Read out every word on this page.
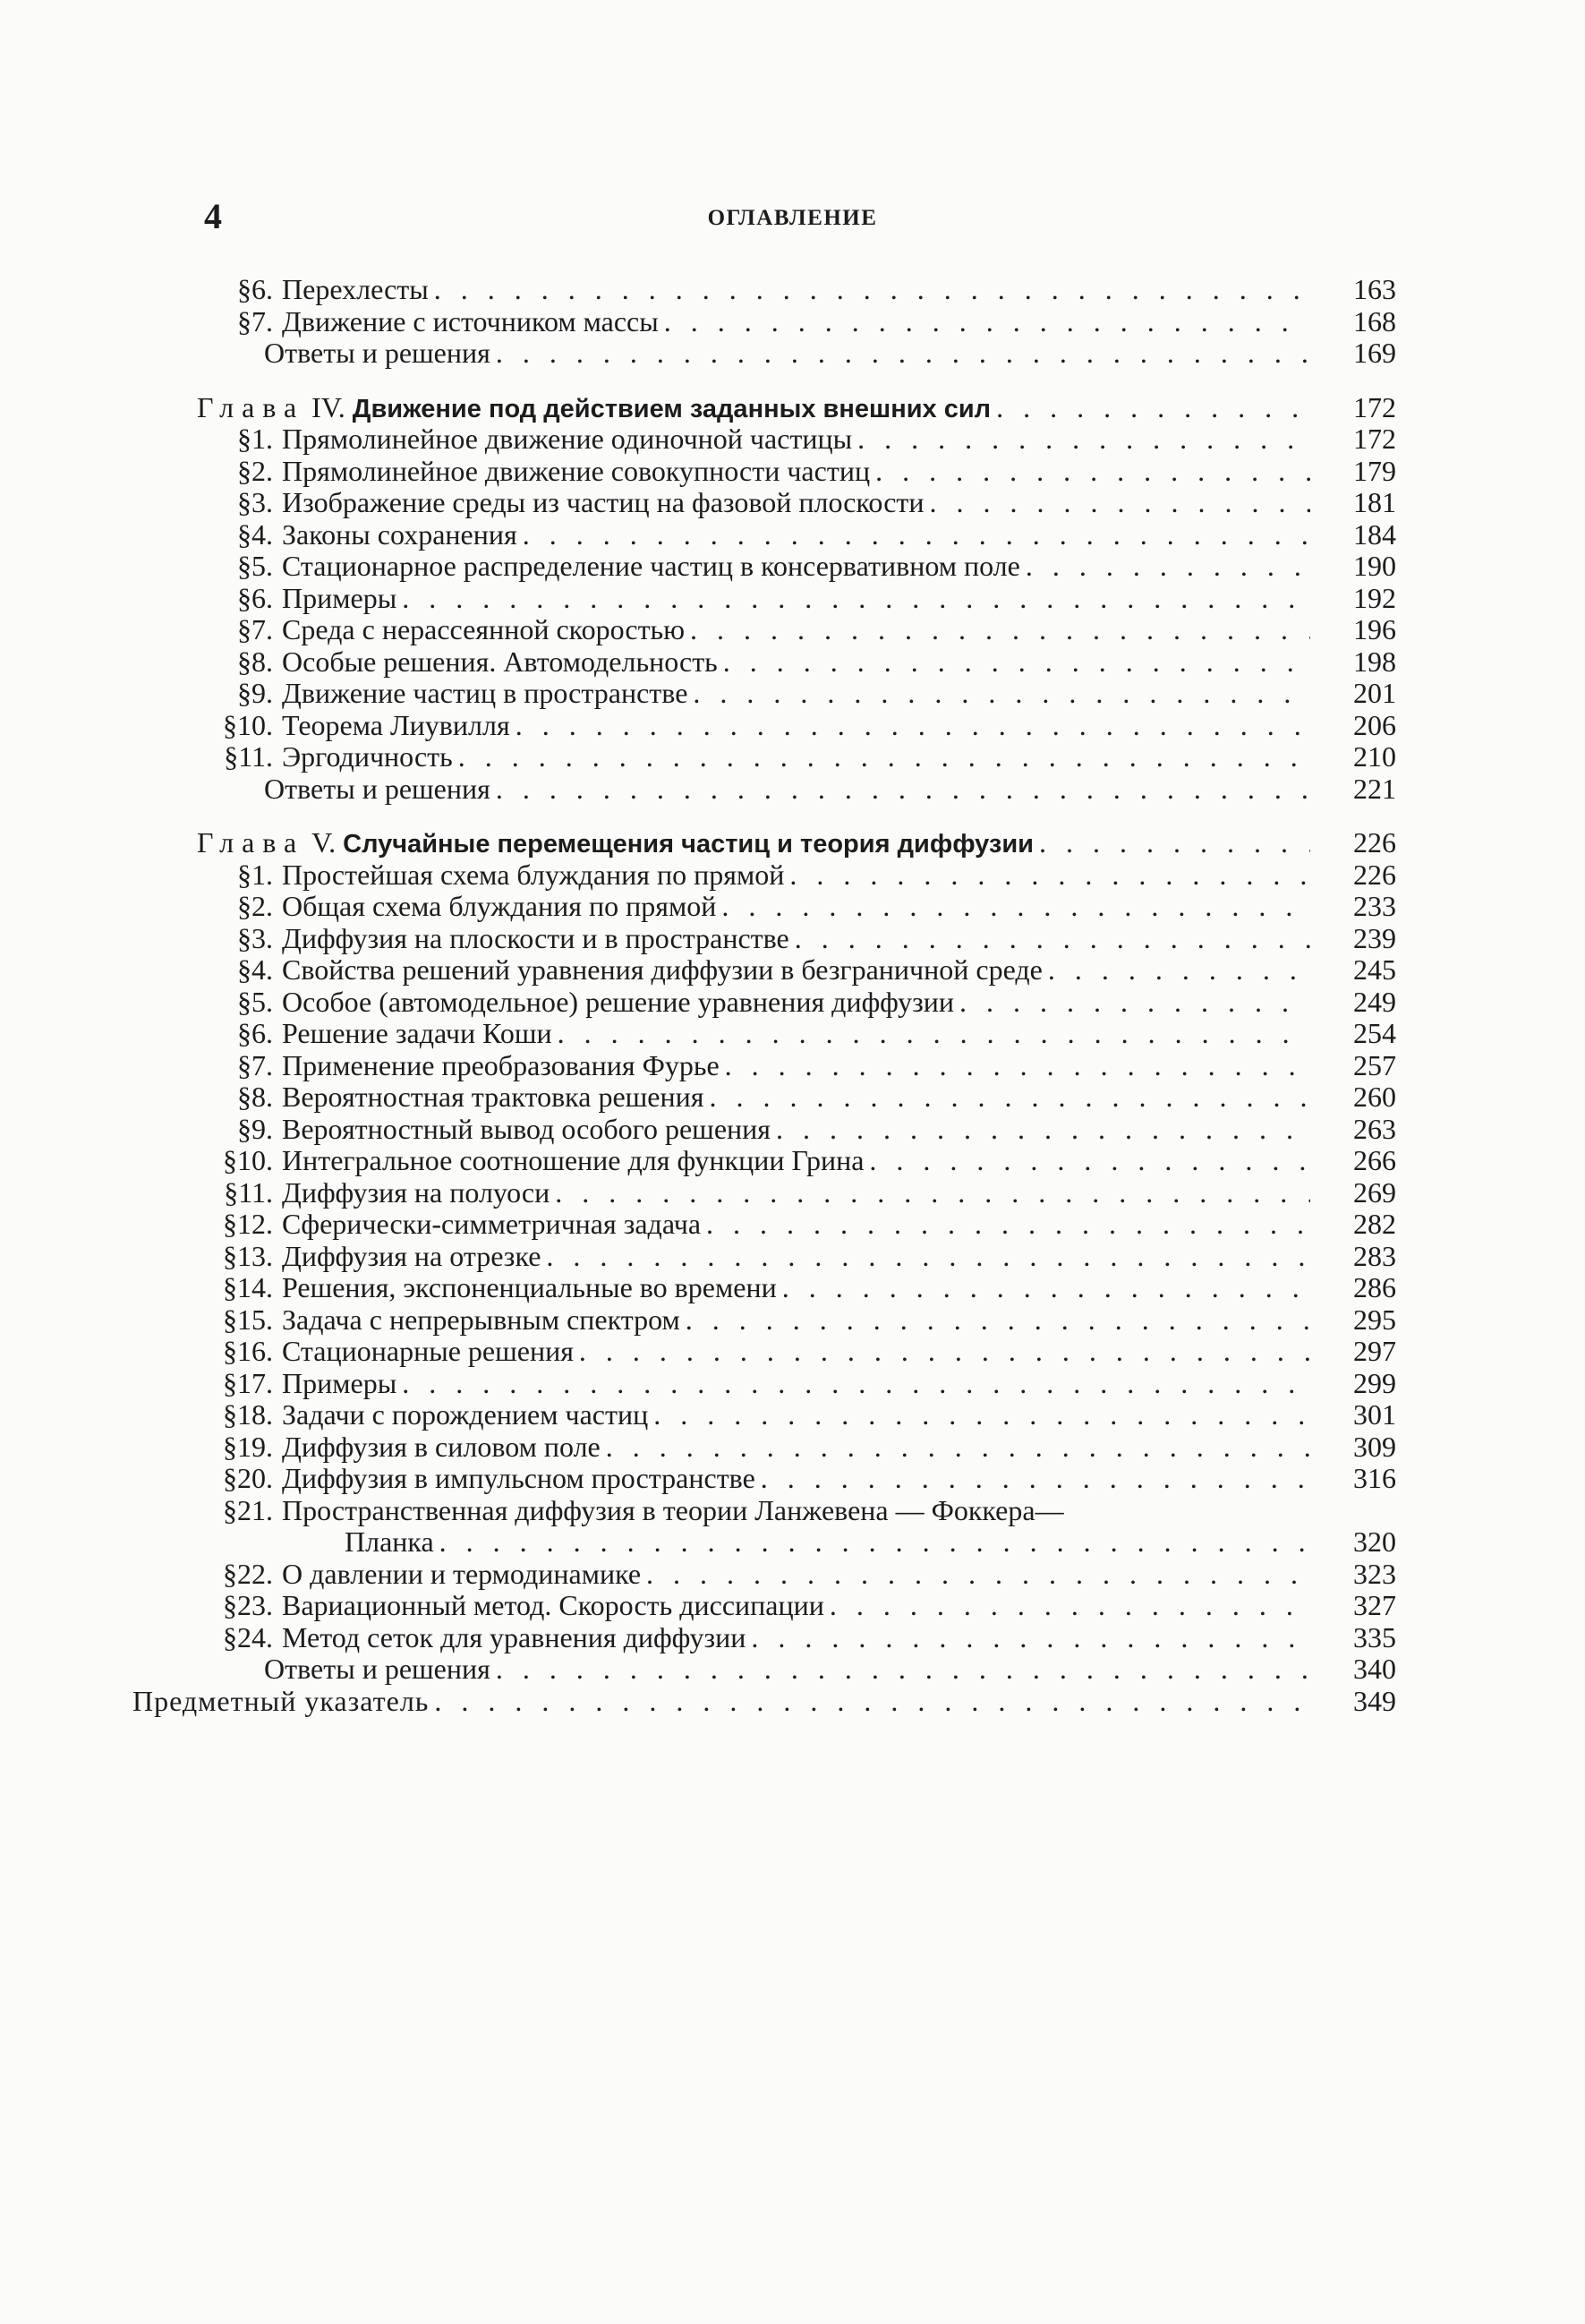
4	ОГЛАВЛЕНИЕ
§6. Перехлесты . . .	163
§7. Движение с источником массы . . .	168
Ответы и решения . . .	169
Глава IV. Движение под действием заданных внешних сил . . .	172
§1. Прямолинейное движение одиночной частицы . . .	172
§2. Прямолинейное движение совокупности частиц . . .	179
§3. Изображение среды из частиц на фазовой плоскости . . .	181
§4. Законы сохранения . . .	184
§5. Стационарное распределение частиц в консервативном поле . . .	190
§6. Примеры . . .	192
§7. Среда с нерассеянной скоростью . . .	196
§8. Особые решения. Автомодельность . . .	198
§9. Движение частиц в пространстве . . .	201
§10. Теорема Лиувилля . . .	206
§11. Эргодичность . . .	210
Ответы и решения . . .	221
Глава V. Случайные перемещения частиц и теория диффузии . . .	226
§1. Простейшая схема блуждания по прямой . . .	226
§2. Общая схема блуждания по прямой . . .	233
§3. Диффузия на плоскости и в пространстве . . .	239
§4. Свойства решений уравнения диффузии в безграничной среде . . .	245
§5. Особое (автомодельное) решение уравнения диффузии . . .	249
§6. Решение задачи Коши . . .	254
§7. Применение преобразования Фурье . . .	257
§8. Вероятностная трактовка решения . . .	260
§9. Вероятностный вывод особого решения . . .	263
§10. Интегральное соотношение для функции Грина . . .	266
§11. Диффузия на полуоси . . .	269
§12. Сферически-симметричная задача . . .	282
§13. Диффузия на отрезке . . .	283
§14. Решения, экспоненциальные во времени . . .	286
§15. Задача с непрерывным спектром . . .	295
§16. Стационарные решения . . .	297
§17. Примеры . . .	299
§18. Задачи с порождением частиц . . .	301
§19. Диффузия в силовом поле . . .	309
§20. Диффузия в импульсном пространстве . . .	316
§21. Пространственная диффузия в теории Ланжевена — Фоккера—
Планка . . .	320
§22. О давлении и термодинамике . . .	323
§23. Вариационный метод. Скорость диссипации . . .	327
§24. Метод сеток для уравнения диффузии . . .	335
Ответы и решения . . .	340
Предметный указатель . . .	349
